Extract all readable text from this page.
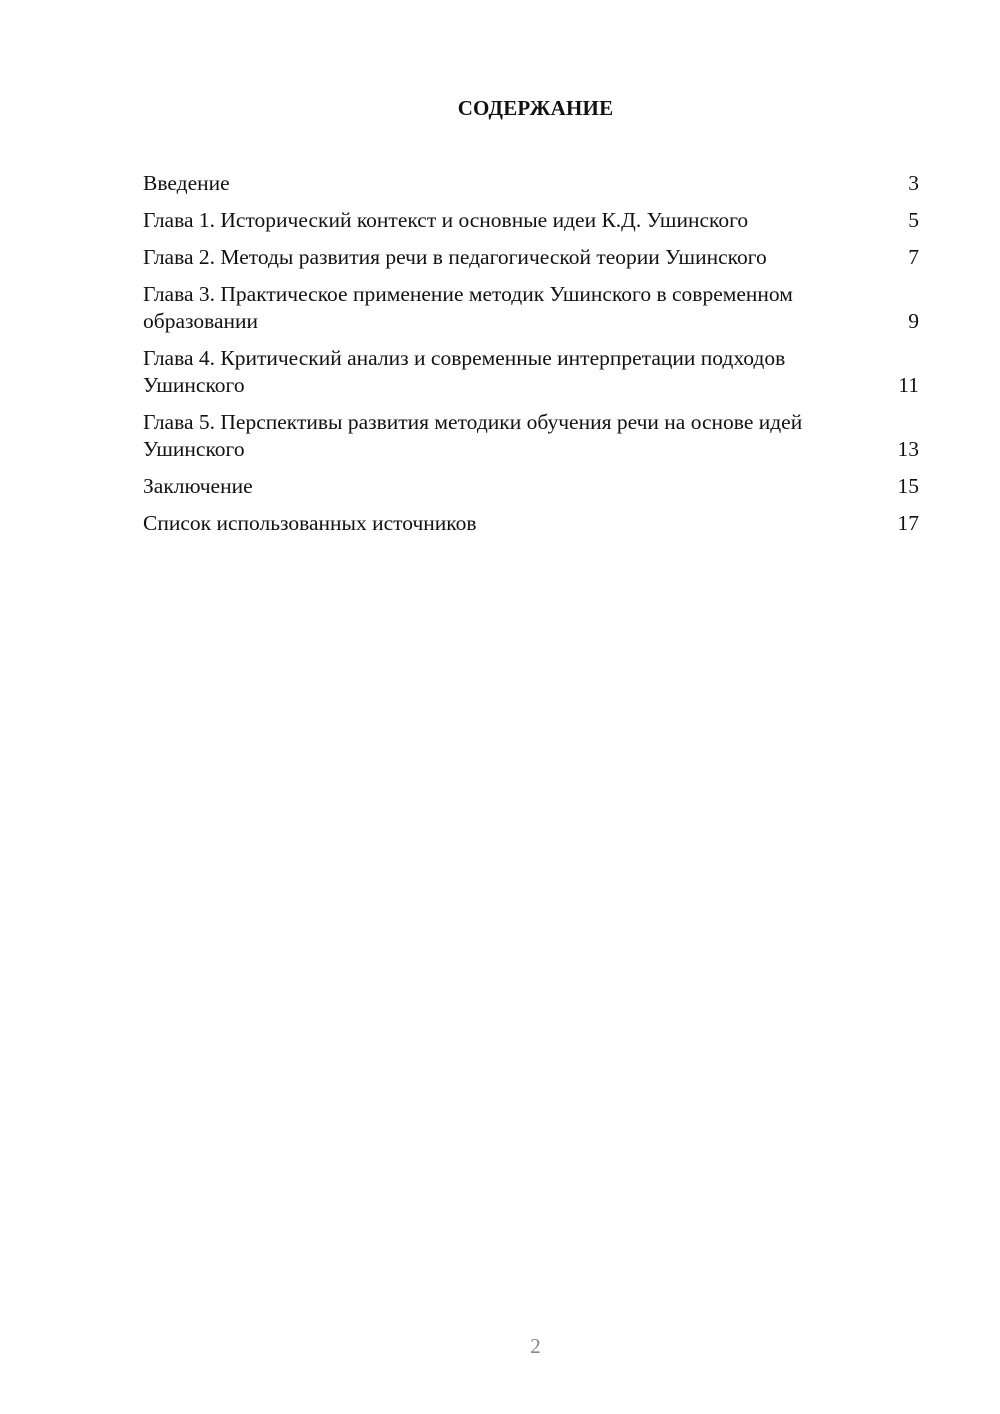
СОДЕРЖАНИЕ
Введение	3
Глава 1. Исторический контекст и основные идеи К.Д. Ушинского	5
Глава 2. Методы развития речи в педагогической теории Ушинского	7
Глава 3. Практическое применение методик Ушинского в современном образовании	9
Глава 4. Критический анализ и современные интерпретации подходов Ушинского	11
Глава 5. Перспективы развития методики обучения речи на основе идей Ушинского	13
Заключение	15
Список использованных источников	17
2
